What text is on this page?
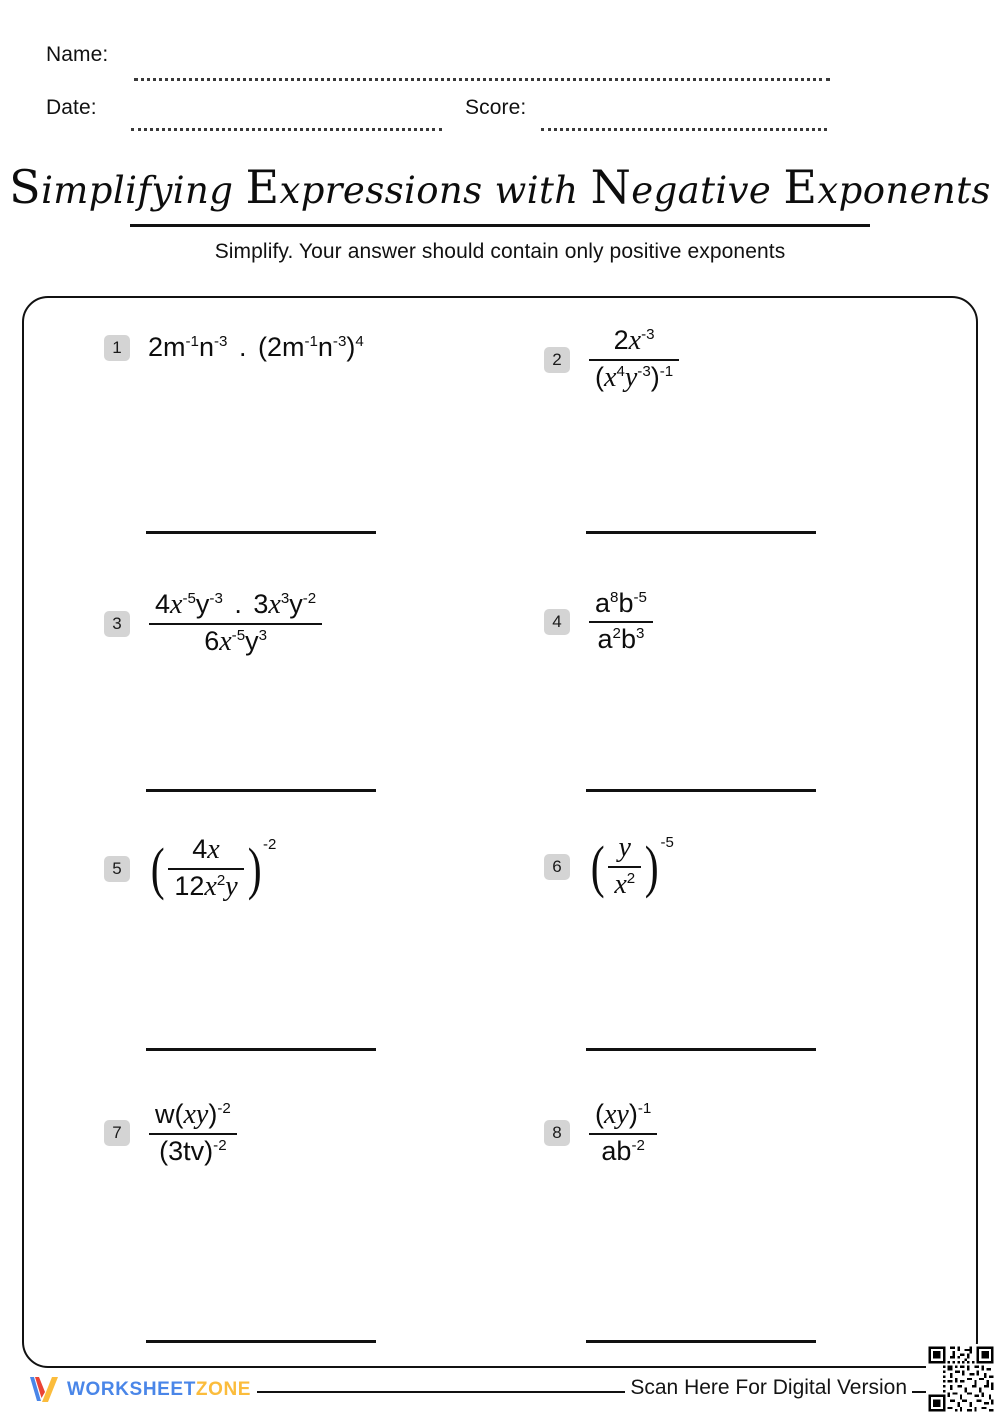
Name:
Date:	Score:
Simplifying Expressions with Negative Exponents
Simplify. Your answer should contain only positive exponents
1 $2m^{-1}n^{-3}$ . $(2m^{-1}n^{-3})^4$
2	$\frac{2x^{-3}}{(x^4y^{-3})^{-1}}$
3	$\frac{4x^{-5}y^{-3} . 3x^3y^{-2}}{6x^{-5}y^3}$	4	$\frac{a^8b^{-5}}{a^2b^3}$
5 ( $\frac{4x}{12x^2y}$ ) -2
6 ( $\frac{y}{x^2}$ ) -5
7	$\frac{w(xy)^{-2}}{(3tv)^{-2}}$	8	$\frac{(xy)^{-1}}{ab^{-2}}$
WORKSHEETZONE	Scan Here For Digital Version
